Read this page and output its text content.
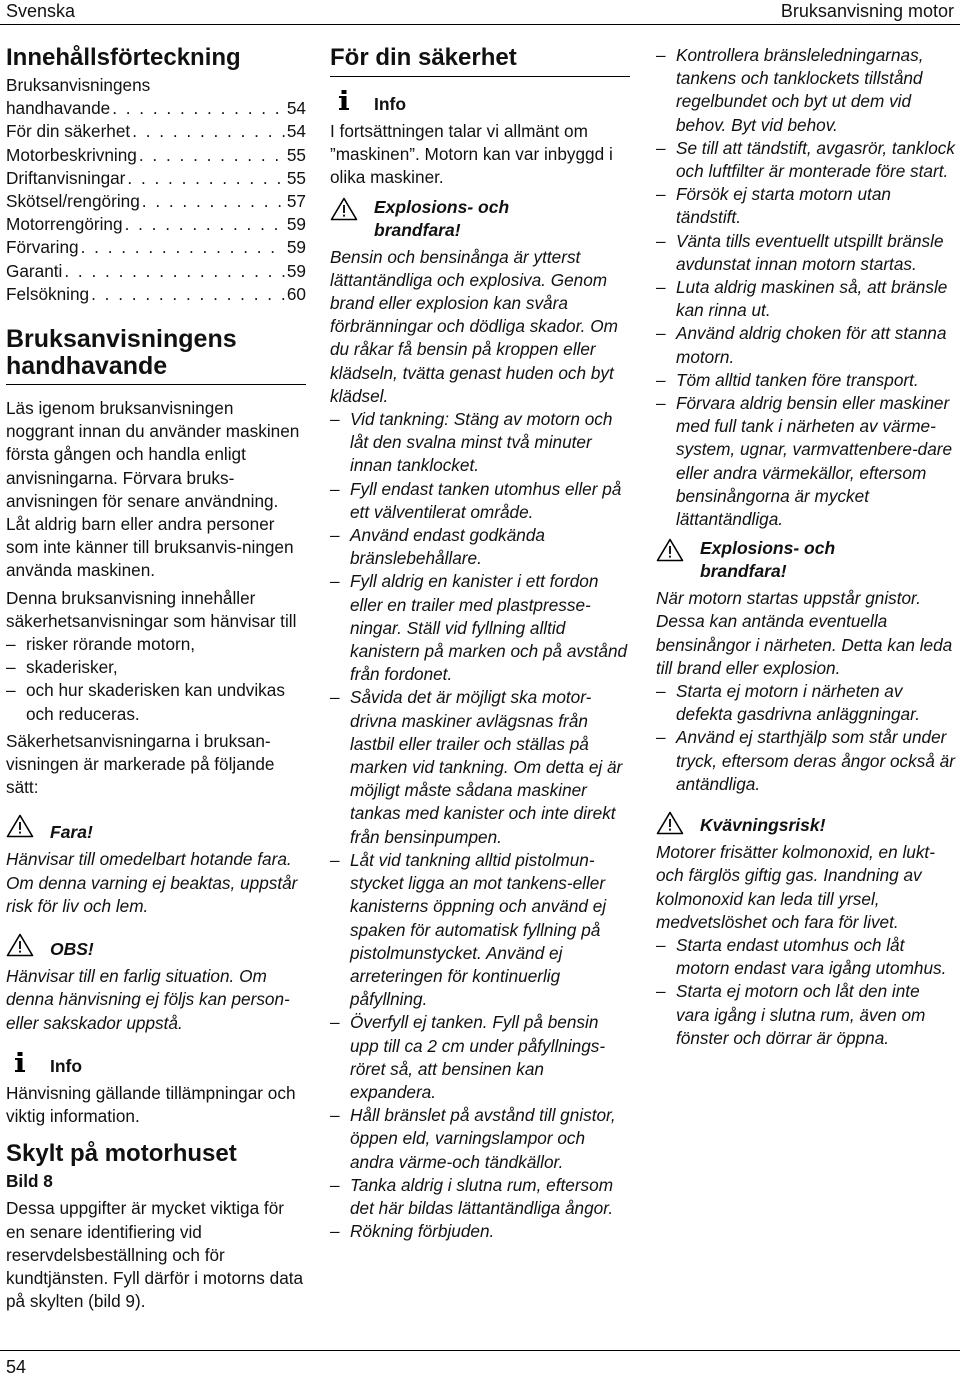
Svenska	Bruksanvisning motor
Innehållsförteckning
Bruksanvisningens
handhavande . . .	54
För din säkerhet . . .	54
Motorbeskrivning . . .	55
Driftanvisningar . . .	55
Skötsel/rengöring . . .	57
Motorrengöring . . .	59
Förvaring . . .	59
Garanti . . .	59
Felsökning . . .	60
Bruksanvisningens
handhavande

Läs igenom bruksanvisningen noggrant innan du använder maskinen första gången och handla enligt anvisningarna. Förvara bruks-anvisningen för senare användning. Låt aldrig barn eller andra personer som inte känner till bruksanvis-ningen använda maskinen.

Denna bruksanvisning innehåller säkerhetsanvisningar som hänvisar till

– risker rörande motorn,
– skaderisker,
– och hur skaderisken kan undvikas och reduceras.

Säkerhetsanvisningarna i bruksan-visningen är markerade på följande sätt:

Fara!

Hänvisar till omedelbart hotande fara. Om denna varning ej beaktas, uppstår risk för liv och lem.

OBS!

Hänvisar till en farlig situation. Om denna hänvisning ej följs kan person- eller sakskador uppstå.

Info

Hänvisning gällande tillämpningar och viktig information.

Skylt på motorhuset
Bild 8

Dessa uppgifter är mycket viktiga för en senare identifiering vid reservdelsbeställning och för kundtjänsten. Fyll därför i motorns data på skylten (bild 9).

För din säkerhet
Info

I fortsättningen talar vi allmänt om ”maskinen”. Motorn kan var inbyggd i olika maskiner.

Explosions- och
brandfara!

Bensin och bensinånga är ytterst lättantändliga och explosiva. Genom brand eller explosion kan svåra förbränningar och dödliga skador. Om du råkar få bensin på kroppen eller klädseln, tvätta genast huden och byt klädsel.

– Vid tankning: Stäng av motorn och låt den svalna minst två minuter innan tanklocket.
– Fyll endast tanken utomhus eller på ett välventilerat område.
– Använd endast godkända bränslebehållare.
– Fyll aldrig en kanister i ett fordon eller en trailer med plastpresse-ningar. Ställ vid fyllning alltid kanistern på marken och på avstånd från fordonet.
– Såvida det är möjligt ska motor-drivna maskiner avlägsnas från lastbil eller trailer och ställas på marken vid tankning. Om detta ej är möjligt måste sådana maskiner tankas med kanister och inte direkt från bensinpumpen.
– Låt vid tankning alltid pistolmun-stycket ligga an mot tankens-eller kanisterns öppning och använd ej spaken för automatisk fyllning på pistolmunstycket. Använd ej arreteringen för kontinuerlig påfyllning.
– Överfyll ej tanken. Fyll på bensin upp till ca 2 cm under påfyllnings-röret så, att bensinen kan expandera.
– Håll bränslet på avstånd till gnistor, öppen eld, varningslampor och andra värme-och tändkällor.
– Tanka aldrig i slutna rum, eftersom det här bildas lättantändliga ångor.
– Rökning förbjuden.
– Kontrollera bränsleledningarnas, tankens och tanklockets tillstånd regelbundet och byt ut dem vid behov. Byt vid behov.
– Se till att tändstift, avgasrör, tanklock och luftfilter är monterade före start.
– Försök ej starta motorn utan tändstift.
– Vänta tills eventuellt utspillt bränsle avdunstat innan motorn startas.
– Luta aldrig maskinen så, att bränsle kan rinna ut.
– Använd aldrig choken för att stanna motorn.
– Töm alltid tanken före transport.
– Förvara aldrig bensin eller maskiner med full tank i närheten av värme-system, ugnar, varmvattenbere-dare eller andra värmekällor, eftersom bensinångorna är mycket lättantändliga.
Explosions- och
brandfara!

När motorn startas uppstår gnistor. Dessa kan antända eventuella bensinångor i närheten. Detta kan leda till brand eller explosion.

– Starta ej motorn i närheten av defekta gasdrivna anläggningar.
– Använd ej starthjälp som står under tryck, eftersom deras ångor också är antändliga.
Kvävningsrisk!

Motorer frisätter kolmonoxid, en lukt-och färglös giftig gas. Inandning av kolmonoxid kan leda till yrsel, medvetslöshet och fara för livet.

– Starta endast utomhus och låt motorn endast vara igång utomhus.
– Starta ej motorn och låt den inte vara igång i slutna rum, även om fönster och dörrar är öppna.
54
